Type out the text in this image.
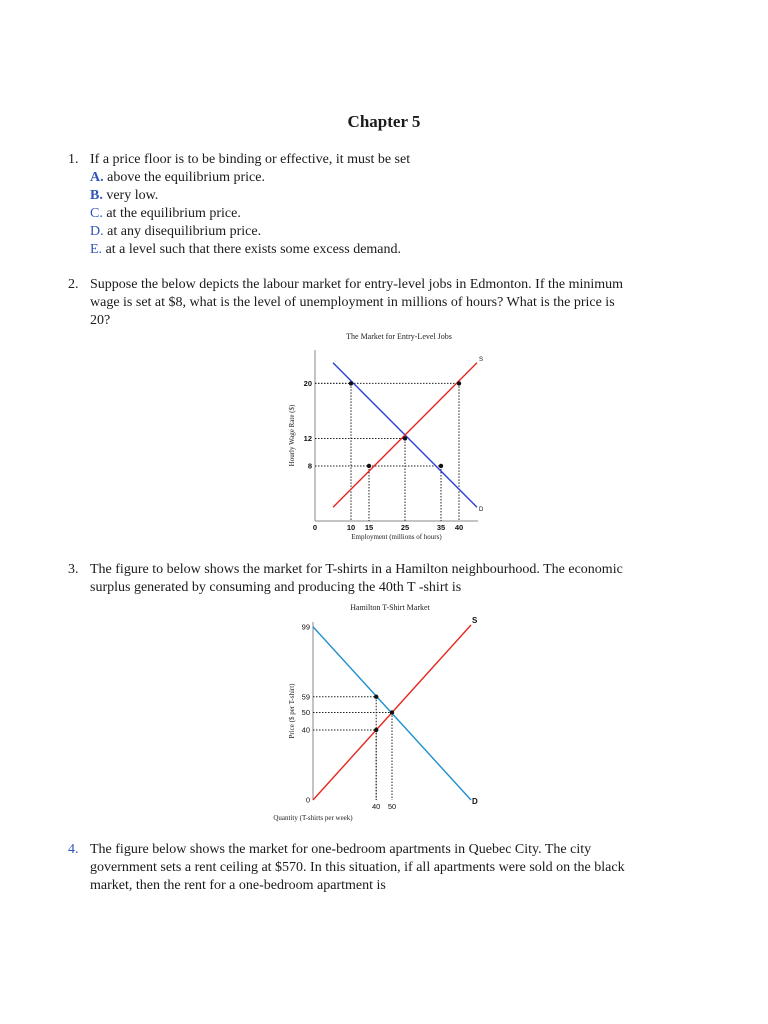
Chapter 5
1. If a price floor is to be binding or effective, it must be set
A. above the equilibrium price.
B. very low.
C. at the equilibrium price.
D. at any disequilibrium price.
E. at a level such that there exists some excess demand.
2. Suppose the below depicts the labour market for entry-level jobs in Edmonton. If the minimum
wage is set at $8, what is the level of unemployment in millions of hours? What is the price is
20?
The Market for Entry-Level Jobs
Employment (millions of hours)
Hourly Wage Rate ($)
D
S
8
12
20
0	10 15	25	35 40
3. The figure to below shows the market for T-shirts in a Hamilton neighbourhood. The economic
surplus generated by consuming and producing the 40th T -shirt is
Hamilton T-Shirt Market
Quantity (T-shirts per week)
Price ($ per T-shirt)
D
S
0
40
50
59
99
40 50
4. The figure below shows the market for one-bedroom apartments in Quebec City. The city
government sets a rent ceiling at $570. In this situation, if all apartments were sold on the black
market, then the rent for a one-bedroom apartment is
